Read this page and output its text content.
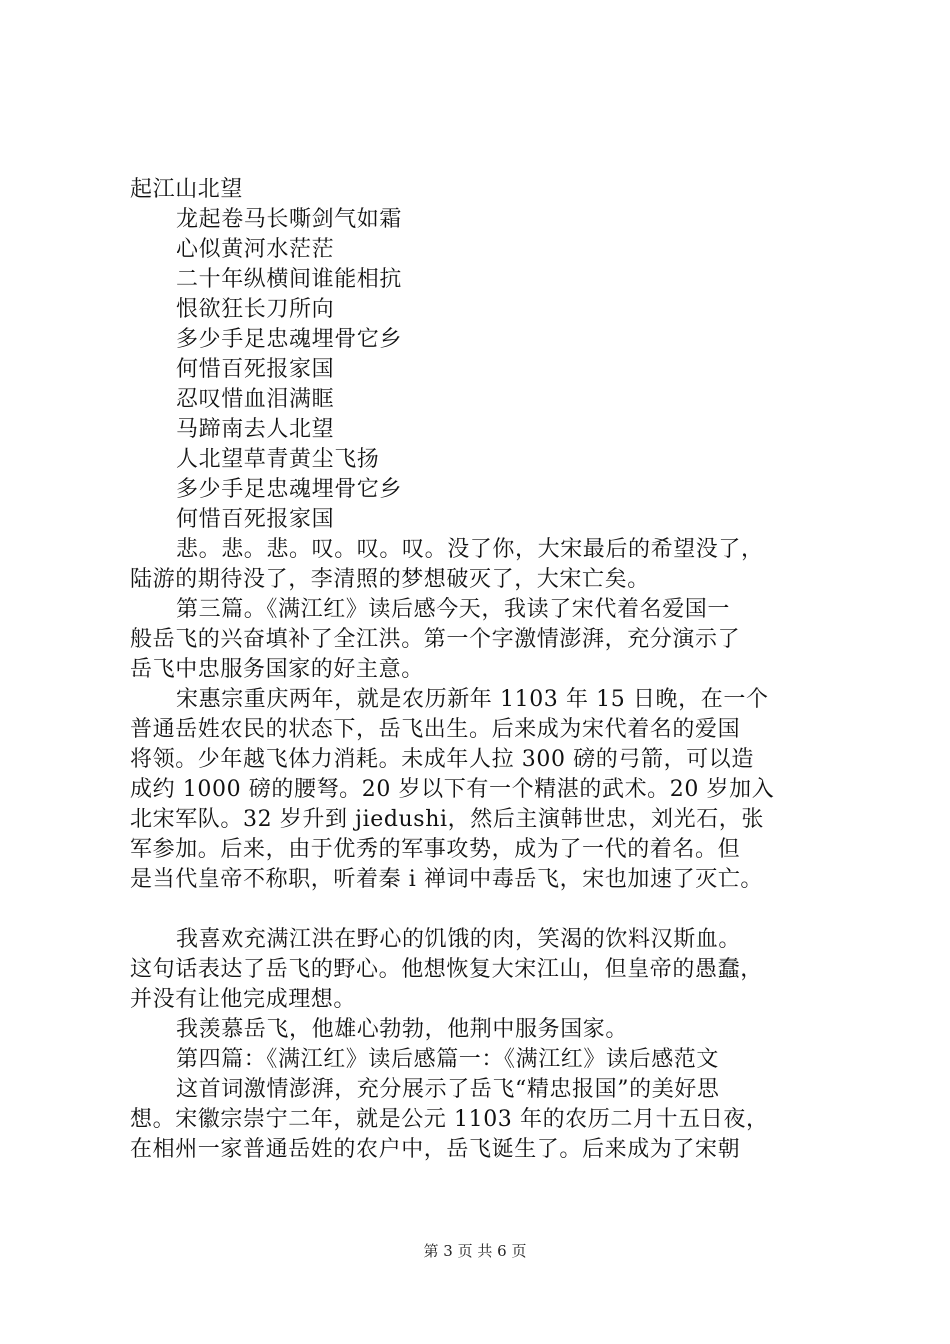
起江山北望
龙起卷马长嘶剑气如霜
心似黄河水茫茫
二十年纵横间谁能相抗
恨欲狂长刀所向
多少手足忠魂埋骨它乡
何惜百死报家国
忍叹惜血泪满眶
马蹄南去人北望
人北望草青黄尘飞扬
多少手足忠魂埋骨它乡
何惜百死报家国
悲。悲。悲。叹。叹。叹。没了你，大宋最后的希望没了，
陆游的期待没了，李清照的梦想破灭了，大宋亡矣。
第三篇。《满江红》读后感今天，我读了宋代着名爱国一
般岳飞的兴奋填补了全江洪。第一个字激情澎湃，充分演示了
岳飞中忠服务国家的好主意。
宋惠宗重庆两年，就是农历新年 1103 年 15 日晚，在一个
普通岳姓农民的状态下，岳飞出生。后来成为宋代着名的爱国
将领。少年越飞体力消耗。未成年人拉 300 磅的弓箭，可以造
成约 1000 磅的腰弩。20 岁以下有一个精湛的武术。20 岁加入
北宋军队。32 岁升到 jiedushi，然后主演韩世忠，刘光石，张
军参加。后来，由于优秀的军事攻势，成为了一代的着名。但
是当代皇帝不称职，听着秦 i 禅词中毒岳飞，宋也加速了灭亡。
我喜欢充满江洪在野心的饥饿的肉，笑渴的饮料汉斯血。
这句话表达了岳飞的野心。他想恢复大宋江山，但皇帝的愚蠢，
并没有让他完成理想。
我羡慕岳飞，他雄心勃勃，他荆中服务国家。
第四篇：《满江红》读后感篇一：《满江红》读后感范文
这首词激情澎湃，充分展示了岳飞“精忠报国”的美好思
想。宋徽宗崇宁二年，就是公元 1103 年的农历二月十五日夜，
在相州一家普通岳姓的农户中，岳飞诞生了。后来成为了宋朝
第 3 页 共 6 页
